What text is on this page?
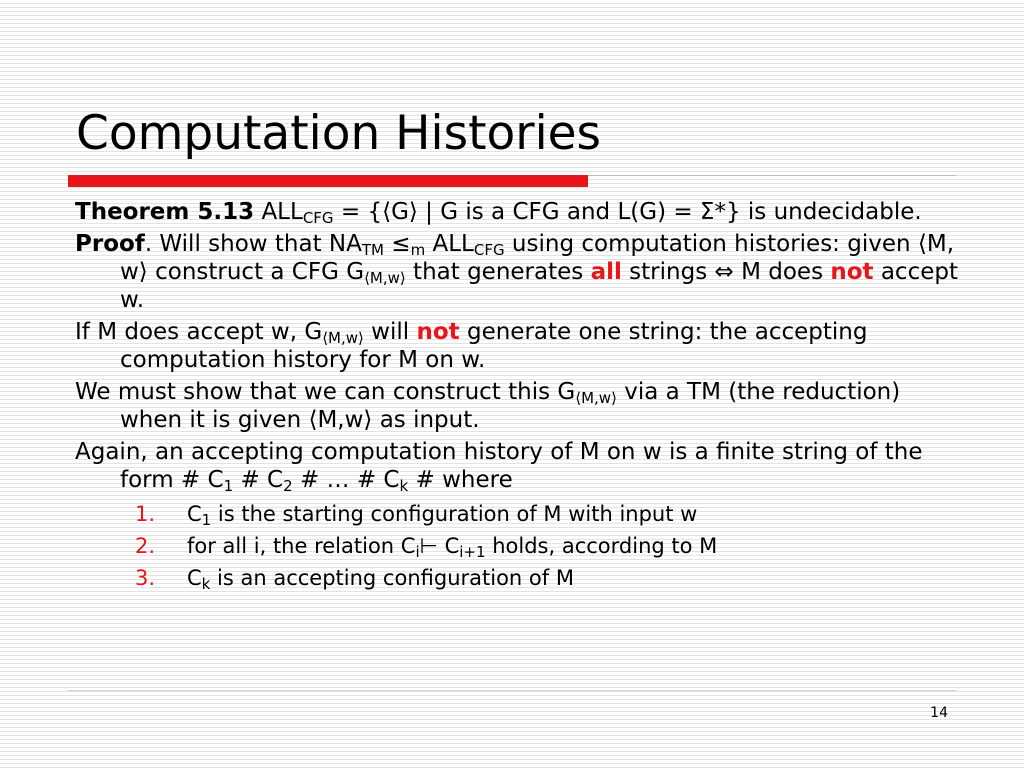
Computation Histories

Theorem 5.13 $ALL_{CFG}$ = {⟨G⟩ | G is a CFG and L(G) = Σ*} is undecidable.

Proof. Will show that $NA_{TM} \le_m$ $ALL_{CFG}$ using computation histories: given ⟨M, w⟩ construct a CFG $G_{⟨M,w⟩}$ that generates all strings ⇔ M does not accept w.

If M does accept w, $G_{⟨M,w⟩}$ will not generate one string: the accepting computation history for M on w.

We must show that we can construct this $G_{⟨M,w⟩}$ via a TM (the reduction) when it is given ⟨M,w⟩ as input.

Again, an accepting computation history of M on w is a finite string of the form # $C_1$ # $C_2$ # … # $C_k$ # where

1. $C_1$ is the starting configuration of M with input w
2. for all i, the relation $C_i⊢$ $C_{i+1}$ holds, according to M
3. $C_k$ is an accepting configuration of M
14
